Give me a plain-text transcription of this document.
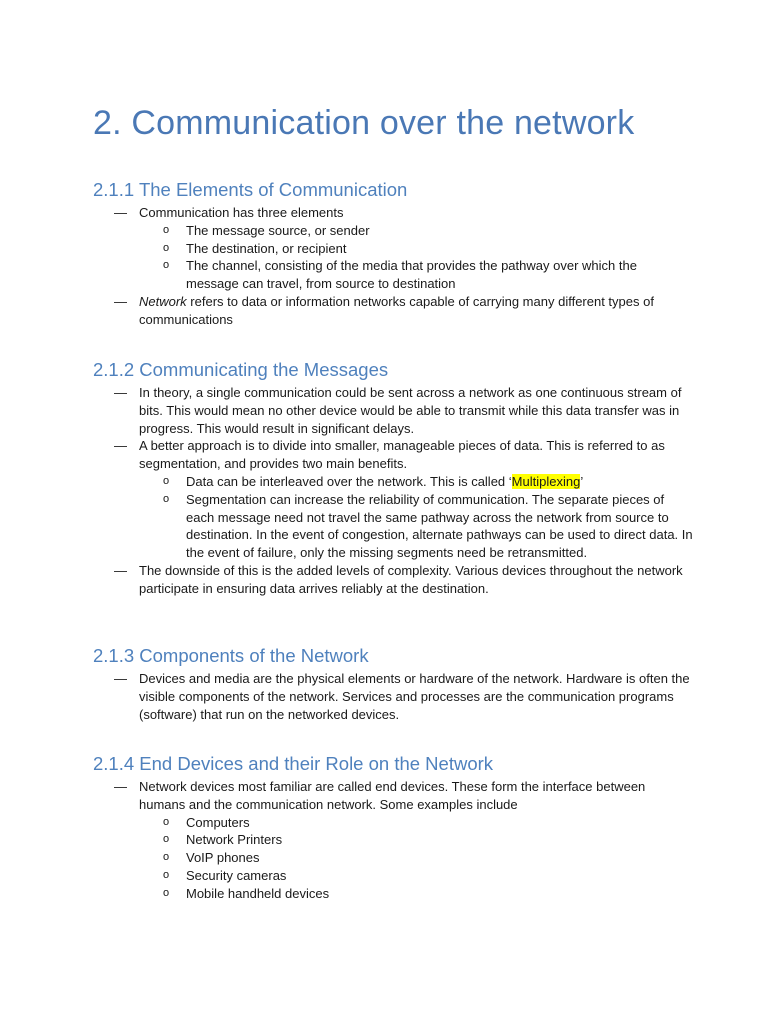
2. Communication over the network
2.1.1 The Elements of Communication
— Communication has three elements
o The message source, or sender
o The destination, or recipient
o The channel, consisting of the media that provides the pathway over which the message can travel, from source to destination
— Network refers to data or information networks capable of carrying many different types of communications
2.1.2 Communicating the Messages
— In theory, a single communication could be sent across a network as one continuous stream of bits. This would mean no other device would be able to transmit while this data transfer was in progress. This would result in significant delays.
— A better approach is to divide into smaller, manageable pieces of data. This is referred to as segmentation, and provides two main benefits.
o Data can be interleaved over the network. This is called ‘Multiplexing’
o Segmentation can increase the reliability of communication. The separate pieces of each message need not travel the same pathway across the network from source to destination. In the event of congestion, alternate pathways can be used to direct data. In the event of failure, only the missing segments need be retransmitted.
— The downside of this is the added levels of complexity. Various devices throughout the network participate in ensuring data arrives reliably at the destination.
2.1.3 Components of the Network
— Devices and media are the physical elements or hardware of the network. Hardware is often the visible components of the network. Services and processes are the communication programs (software) that run on the networked devices.
2.1.4 End Devices and their Role on the Network
— Network devices most familiar are called end devices. These form the interface between humans and the communication network. Some examples include
o Computers
o Network Printers
o VoIP phones
o Security cameras
o Mobile handheld devices
